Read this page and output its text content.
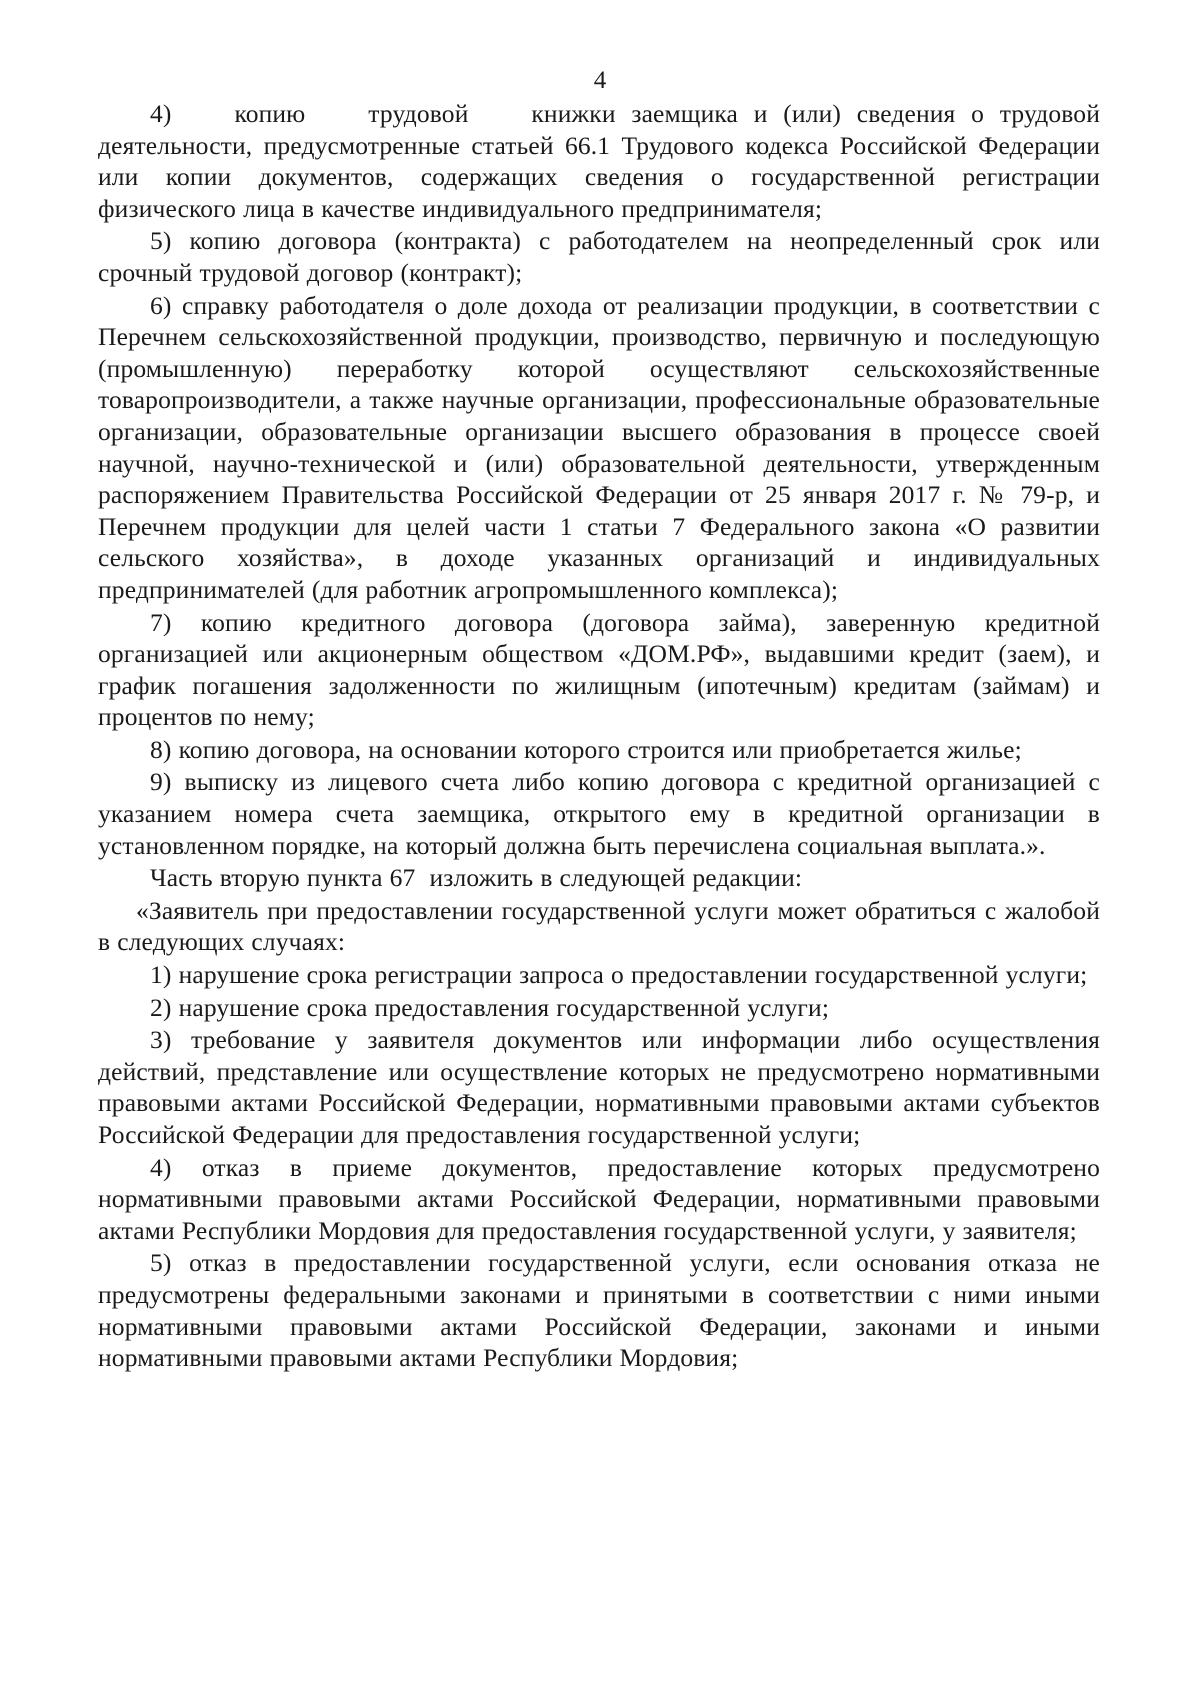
4

4)    копию    трудовой    книжки заемщика и (или) сведения о трудовой деятельности, предусмотренные статьей 66.1 Трудового кодекса Российской Федерации или копии документов, содержащих сведения о государственной регистрации физического лица в качестве индивидуального предпринимателя;

5) копию договора (контракта) с работодателем на неопределенный срок или срочный трудовой договор (контракт);

6) справку работодателя о доле дохода от реализации продукции, в соответствии с Перечнем сельскохозяйственной продукции, производство, первичную и последующую (промышленную) переработку которой осуществляют сельскохозяйственные товаропроизводители, а также научные организации, профессиональные образовательные организации, образовательные организации высшего образования в процессе своей научной, научно-технической и (или) образовательной деятельности, утвержденным распоряжением Правительства Российской Федерации от 25 января 2017 г. № 79-р, и Перечнем продукции для целей части 1 статьи 7 Федерального закона «О развитии сельского хозяйства», в доходе указанных организаций и индивидуальных предпринимателей (для работник агропромышленного комплекса);

7) копию кредитного договора (договора займа), заверенную кредитной организацией или акционерным обществом «ДОМ.РФ», выдавшими кредит (заем), и график погашения задолженности по жилищным (ипотечным) кредитам (займам) и процентов по нему;

8) копию договора, на основании которого строится или приобретается жилье;

9) выписку из лицевого счета либо копию договора с кредитной организацией с указанием номера счета заемщика, открытого ему в кредитной организации в установленном порядке, на который должна быть перечислена социальная выплата.».

Часть вторую пункта 67  изложить в следующей редакции:

«Заявитель при предоставлении государственной услуги может обратиться с жалобой в следующих случаях:

1) нарушение срока регистрации запроса о предоставлении государственной услуги;

2) нарушение срока предоставления государственной услуги;

3) требование у заявителя документов или информации либо осуществления действий, представление или осуществление которых не предусмотрено нормативными правовыми актами Российской Федерации, нормативными правовыми актами субъектов Российской Федерации для предоставления государственной услуги;

4) отказ в приеме документов, предоставление которых предусмотрено нормативными правовыми актами Российской Федерации, нормативными правовыми актами Республики Мордовия для предоставления государственной услуги, у заявителя;

5) отказ в предоставлении государственной услуги, если основания отказа не предусмотрены федеральными законами и принятыми в соответствии с ними иными нормативными правовыми актами Российской Федерации, законами и иными нормативными правовыми актами Республики Мордовия;
